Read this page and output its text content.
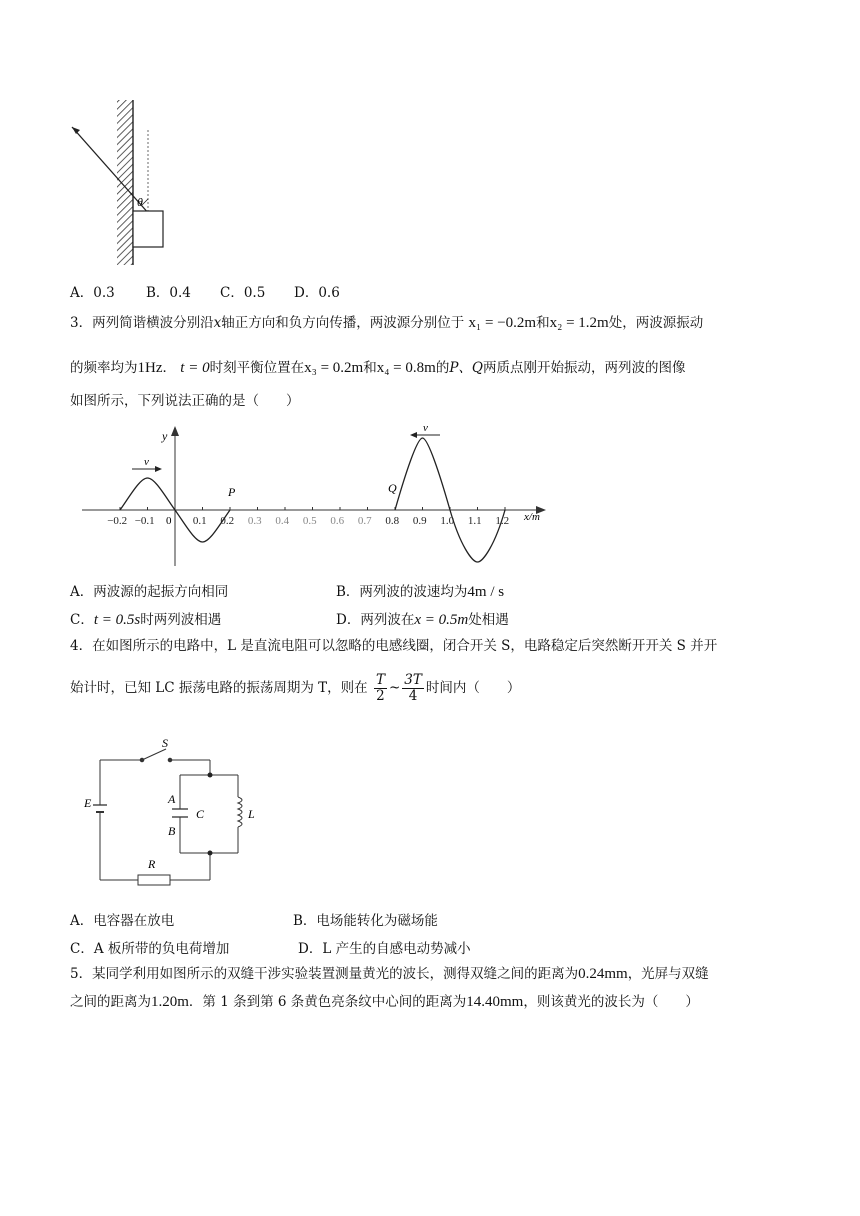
θ
A．0.3 B．0.4 C．0.5 D．0.6
3．两列简谐横波分别沿x轴正方向和负方向传播，两波源分别位于 x₁ = −0.2m和x₂ = 1.2m处，两波源振动
的频率均为1Hz． t = 0时刻平衡位置在x₃ = 0.2m和x₄ = 0.8m的P、Q两质点刚开始振动，两列波的图像
如图所示，下列说法正确的是（　　）
x/m
y
0
−0.2 −0.1	0.1 0.2 0.3 0.4 0.5 0.6 0.7 0.8 0.9 1.0 1.1 1.2
v
v
P	Q
A．两波源的起振方向相同	B．两列波的波速均为4m / s
C．t = 0.5s时两列波相遇	D．两列波在x = 0.5m处相遇
4．在如图所示的电路中，L 是直流电阻可以忽略的电感线圈，闭合开关 S，电路稳定后突然断开开关 S 并开
始计时，已知 LC 振荡电路的振荡周期为 T，则在 $\frac{T}{2}$ ~ $\frac{3T}{4}$ 时间内（　　）
S
E	A
B
C	L
R
A．电容器在放电	B．电场能转化为磁场能
C．A 板所带的负电荷增加	D．L 产生的自感电动势减小
5．某同学利用如图所示的双缝干涉实验装置测量黄光的波长，测得双缝之间的距离为0.24mm，光屏与双缝
之间的距离为1.20m．第 1 条到第 6 条黄色亮条纹中心间的距离为14.40mm，则该黄光的波长为（　　）
